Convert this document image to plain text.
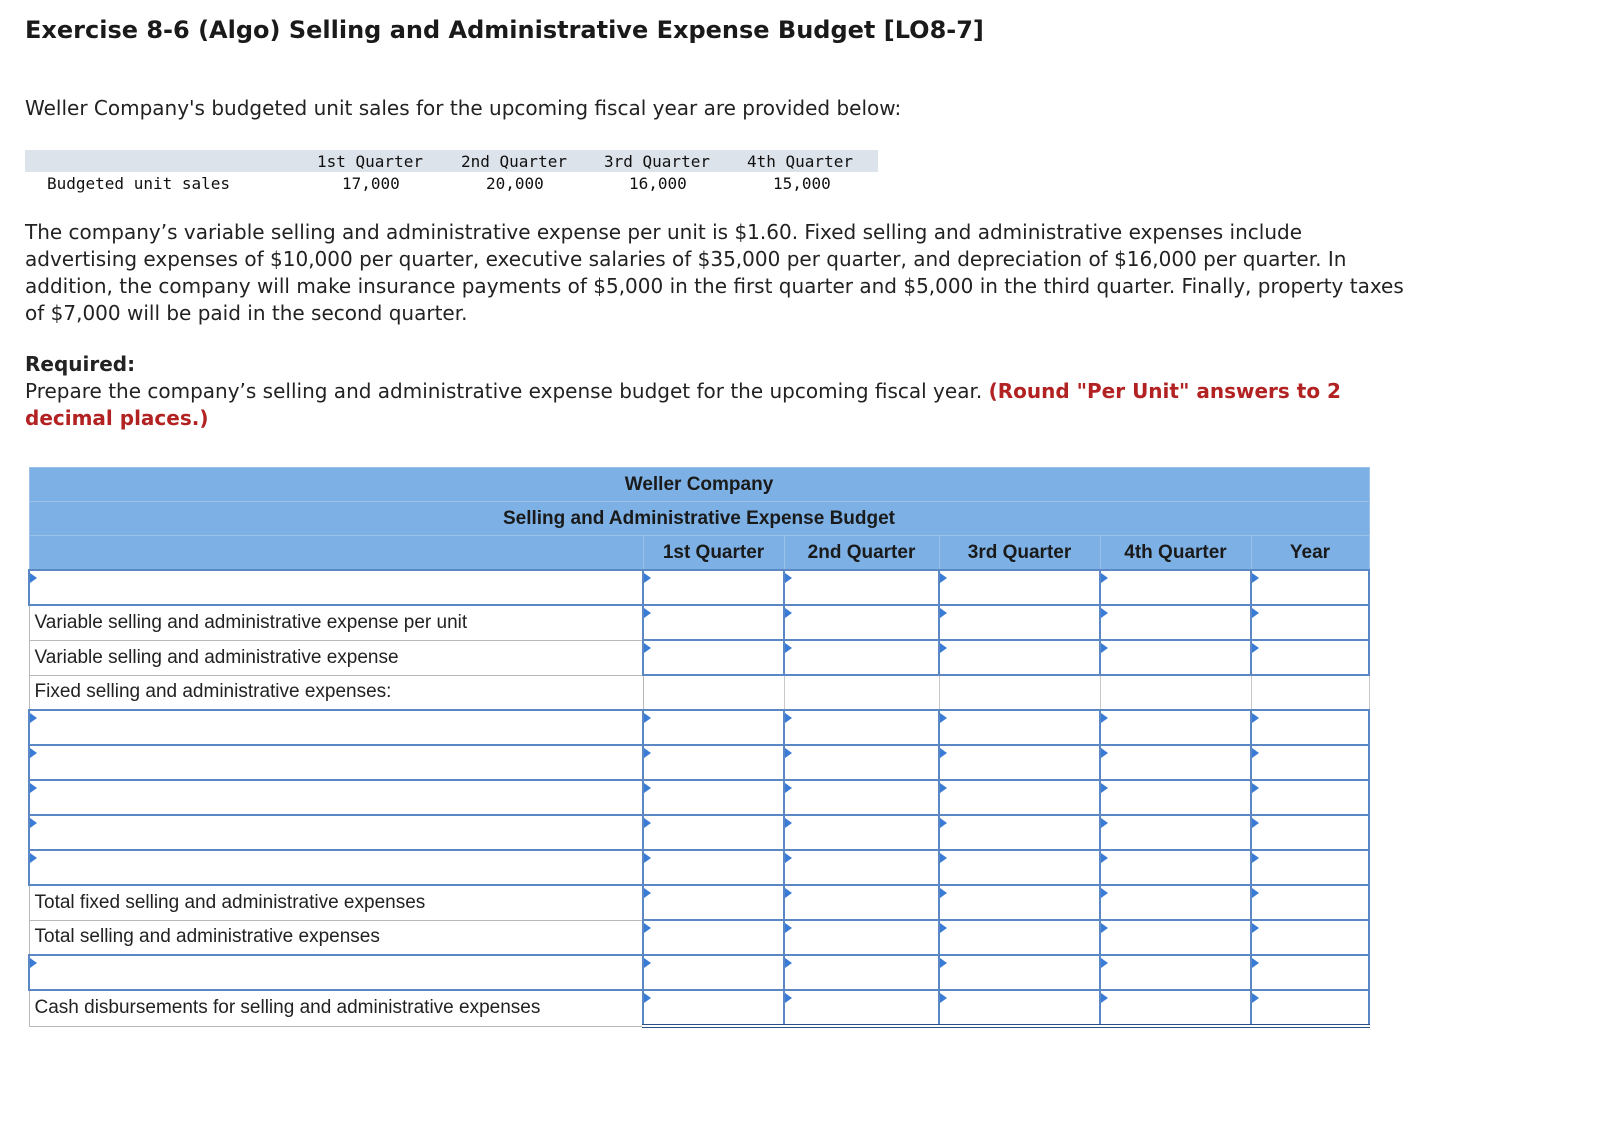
Exercise 8-6 (Algo) Selling and Administrative Expense Budget [LO8-7]
Weller Company's budgeted unit sales for the upcoming fiscal year are provided below:
1st Quarter 2nd Quarter 3rd Quarter 4th Quarter
Budgeted unit sales	17,000	20,000	16,000	15,000
The company’s variable selling and administrative expense per unit is $1.60. Fixed selling and administrative expenses include advertising expenses of $10,000 per quarter, executive salaries of $35,000 per quarter, and depreciation of $16,000 per quarter. In addition, the company will make insurance payments of $5,000 in the first quarter and $5,000 in the third quarter. Finally, property taxes of $7,000 will be paid in the second quarter.
Required:
Prepare the company’s selling and administrative expense budget for the upcoming fiscal year. (Round "Per Unit" answers to 2 decimal places.)
Weller Company					
Selling and Administrative Expense Budget					
	1st Quarter	2nd Quarter	3rd Quarter	4th Quarter	Year

Variable selling and administrative expense per unit					
Variable selling and administrative expense					
Fixed selling and administrative expenses:					

Total fixed selling and administrative expenses					
Total selling and administrative expenses					

Cash disbursements for selling and administrative expenses					
